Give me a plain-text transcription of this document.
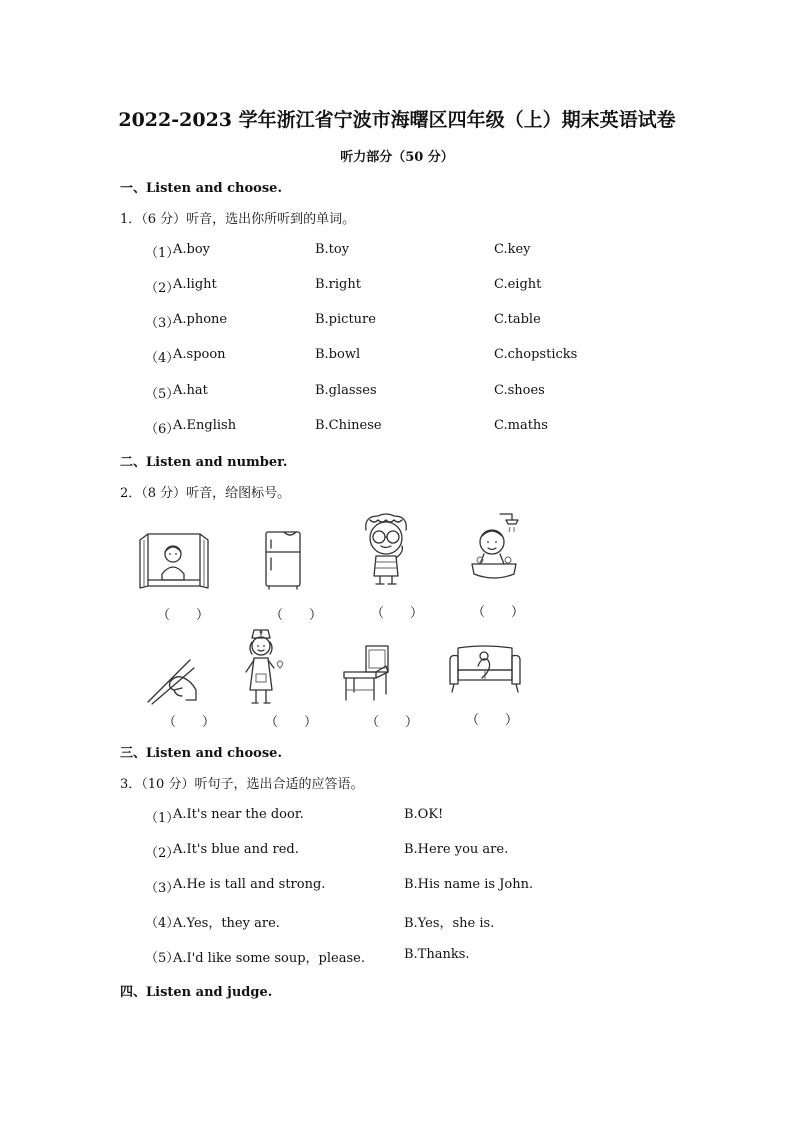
2022-2023 学年浙江省宁波市海曙区四年级（上）期末英语试卷
听力部分（50 分）
一、Listen and choose.
1．（6 分）听音，选出你所听到的单词。
（1）
A.boy	B.toy	C.key
（2）
A.light	B.right	C.eight
（3）
A.phone	B.picture	C.table
（4）
A.spoon	B.bowl	C.chopsticks
（5）
A.hat	B.glasses	C.shoes
（6）
A.English	B.Chinese	C.maths
二、Listen and number.
2．（8 分）听音，给图标号。
（　　）	（　　）	（　　）	（　　）
（　　）	（　　）	（　　）	（　　）
三、Listen and choose.
3．（10 分）听句子，选出合适的应答语。
（1）
A.It's near the door.	B.OK!
（2）
A.It's blue and red.	B.Here you are.
（3）
A.He is tall and strong.	B.His name is John.
（4）
A.Yes，they are.	B.Yes，she is.
（5）
A.I'd like some soup，please.	B.Thanks.
四、Listen and judge.
